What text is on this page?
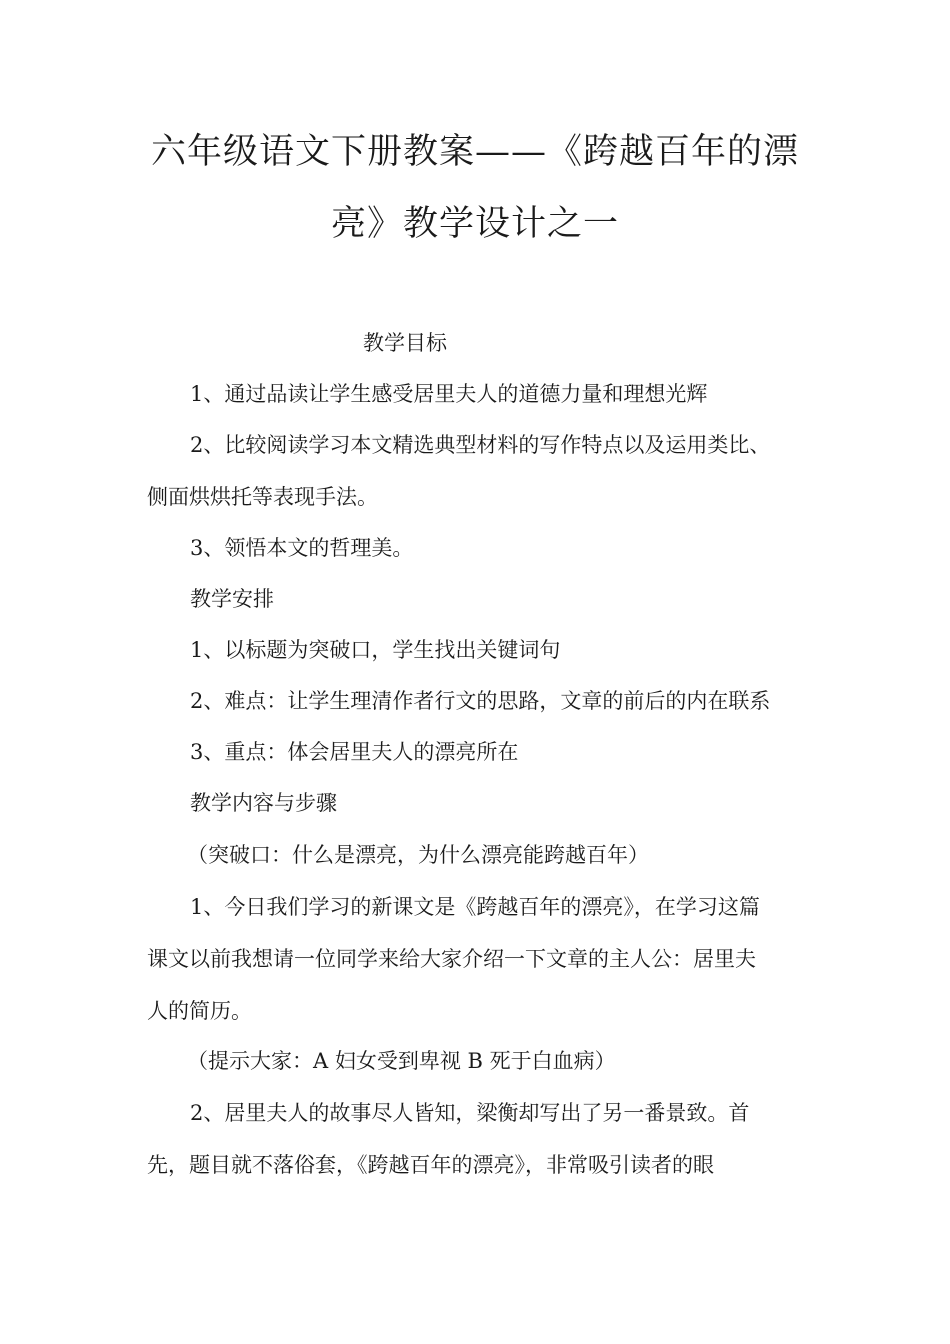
六年级语文下册教案——《跨越百年的漂
亮》教学设计之一
教学目标
1、通过品读让学生感受居里夫人的道德力量和理想光辉
2、比较阅读学习本文精选典型材料的写作特点以及运用类比、
侧面烘烘托等表现手法。
3、领悟本文的哲理美。
教学安排
1、以标题为突破口，学生找出关键词句
2、难点：让学生理清作者行文的思路，文章的前后的内在联系
3、重点：体会居里夫人的漂亮所在
教学内容与步骤
（突破口：什么是漂亮，为什么漂亮能跨越百年）
1、今日我们学习的新课文是《跨越百年的漂亮》，在学习这篇
课文以前我想请一位同学来给大家介绍一下文章的主人公：居里夫
人的简历。
（提示大家：A 妇女受到卑视 B 死于白血病）
2、居里夫人的故事尽人皆知，梁衡却写出了另一番景致。首
先，题目就不落俗套，《跨越百年的漂亮》，非常吸引读者的眼
